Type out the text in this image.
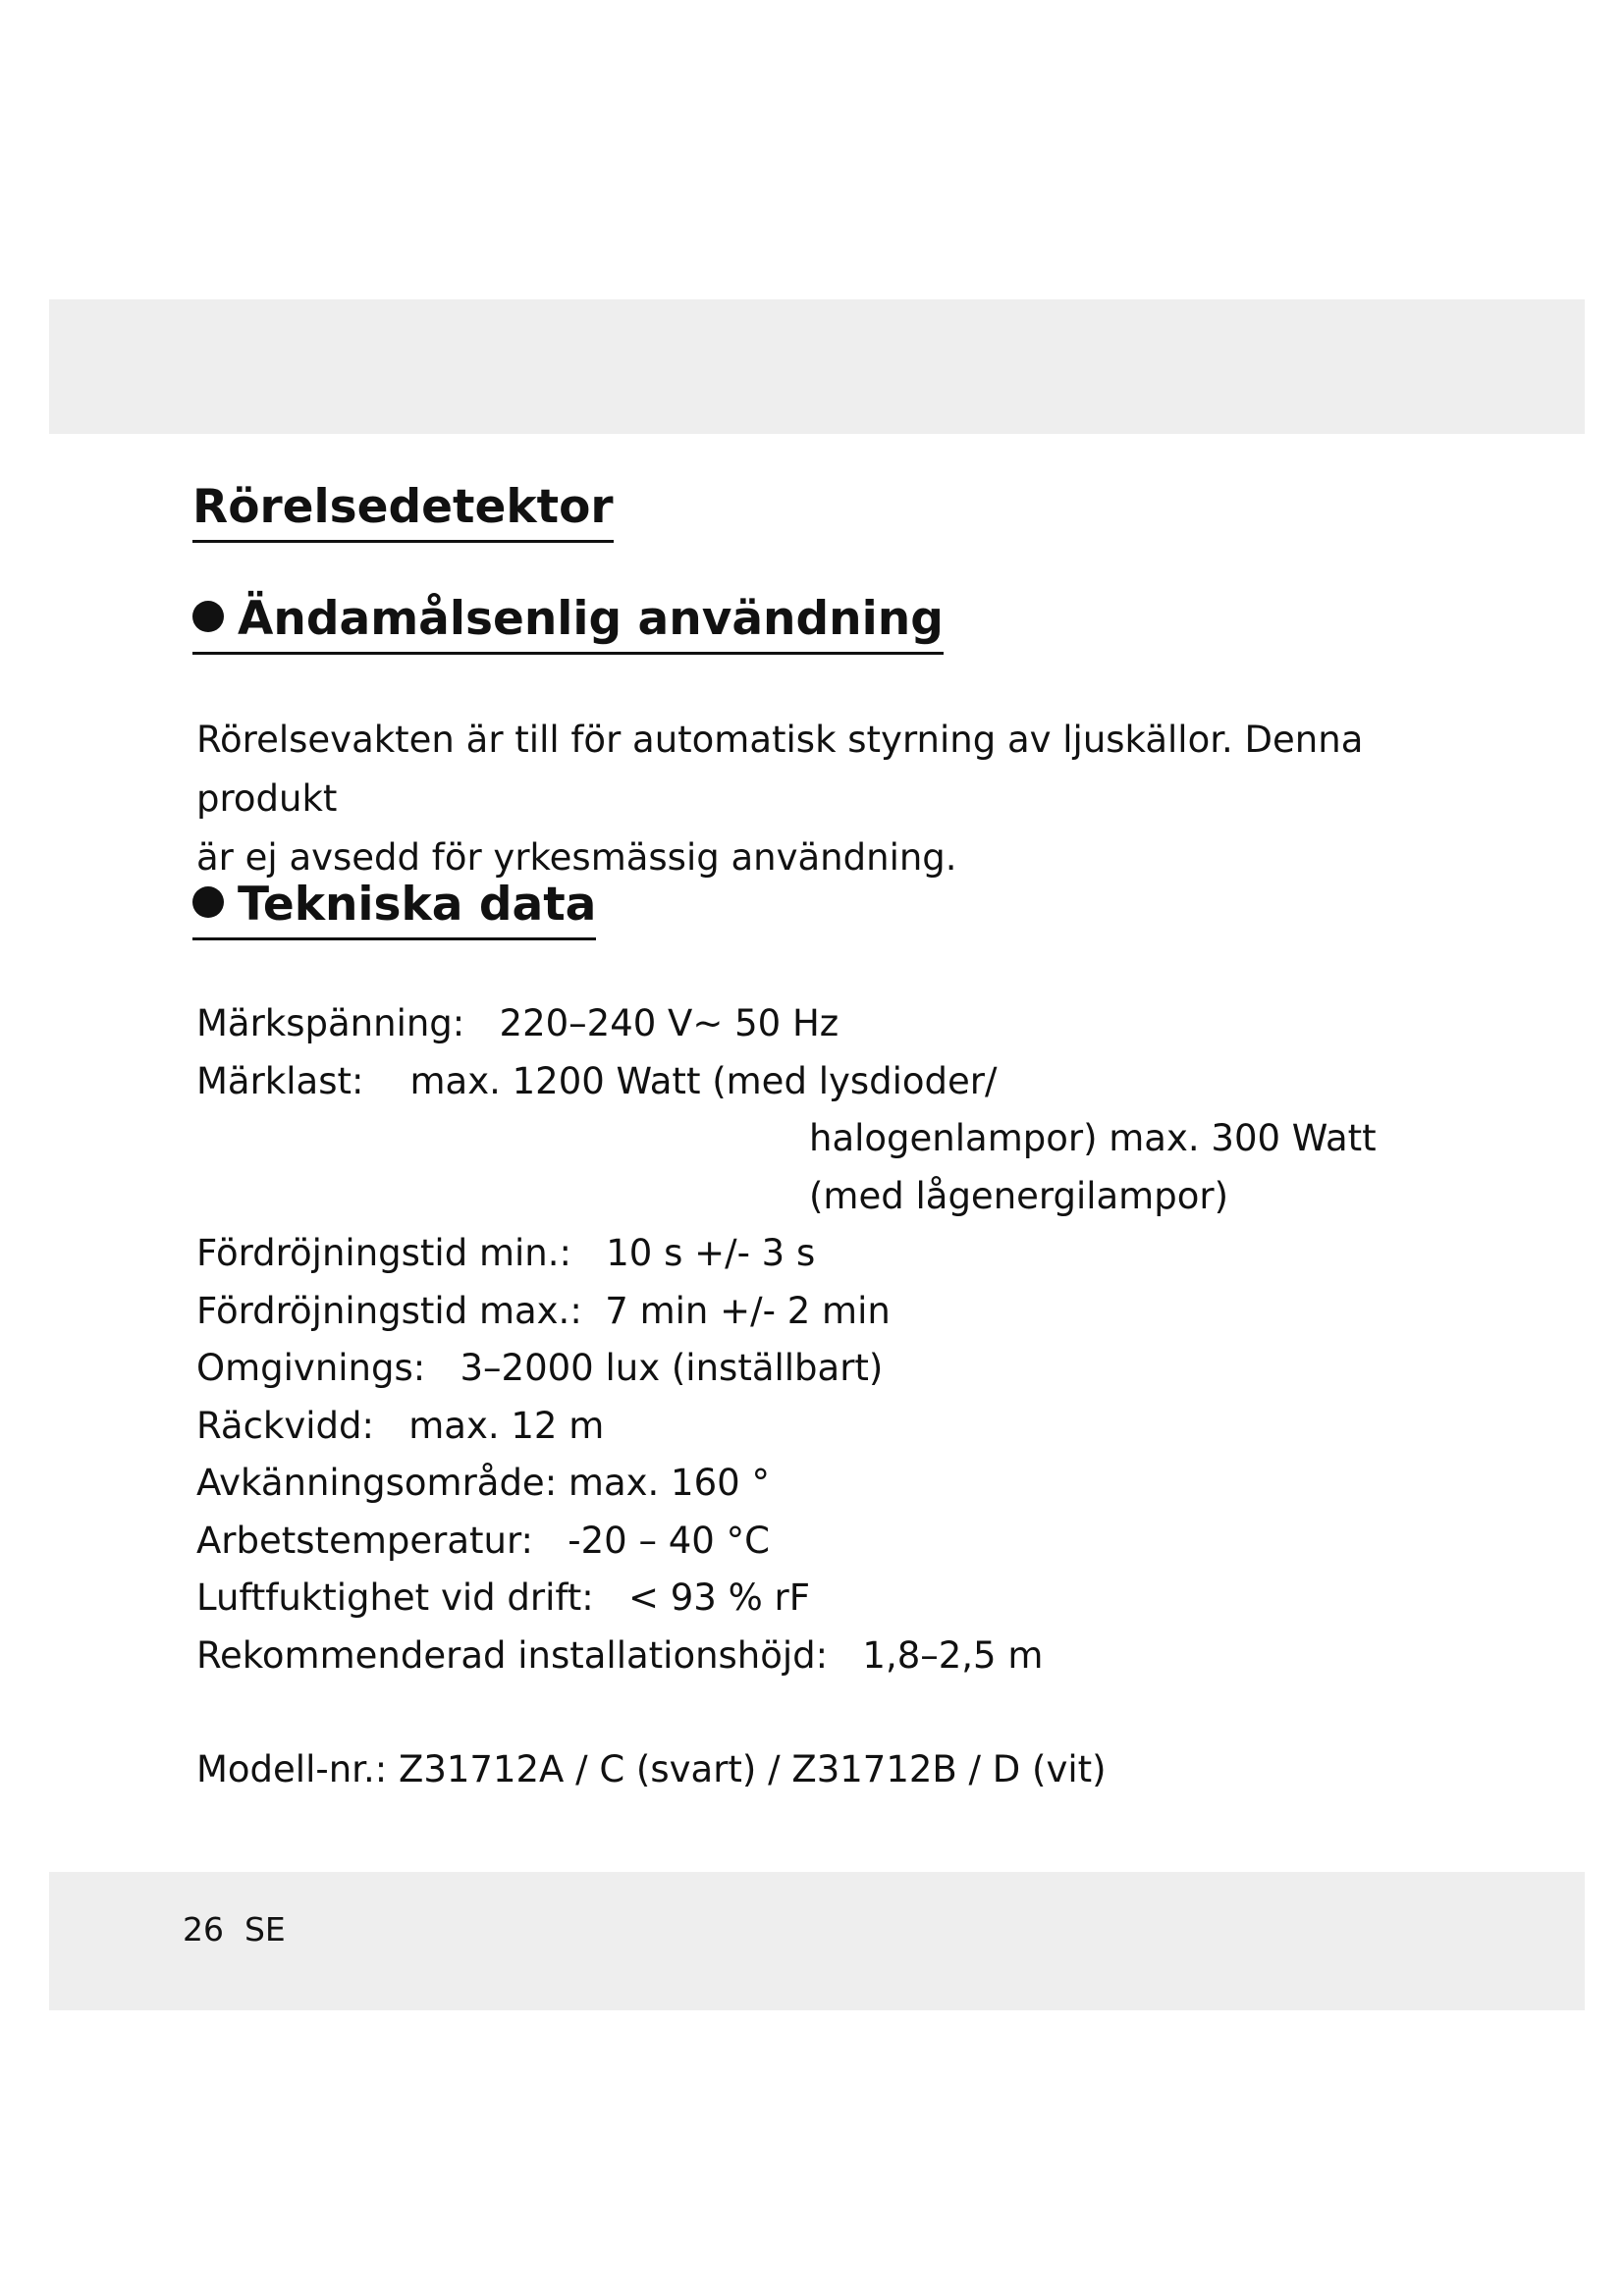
Rörelsedetektor
Ändamålsenlig användning
Rörelsevakten är till för automatisk styrning av ljuskällor. Denna produkt
är ej avsedd för yrkesmässig användning.
Tekniska data
Märkspänning:   220–240 V~ 50 Hz
Märklast:    max. 1200 Watt (med lysdioder/
halogenlampor) max. 300 Watt
(med lågenergilampor)
Fördröjningstid min.:   10 s +/- 3 s
Fördröjningstid max.:  7 min +/- 2 min
Omgivnings:   3–2000 lux (inställbart)
Räckvidd:   max. 12 m
Avkänningsområde: max. 160 °
Arbetstemperatur:   -20 – 40 °C
Luftfuktighet vid drift:   < 93 % rF
Rekommenderad installationshöjd:   1,8–2,5 m
Modell-nr.: Z31712A / C (svart) / Z31712B / D (vit)
26 SE
